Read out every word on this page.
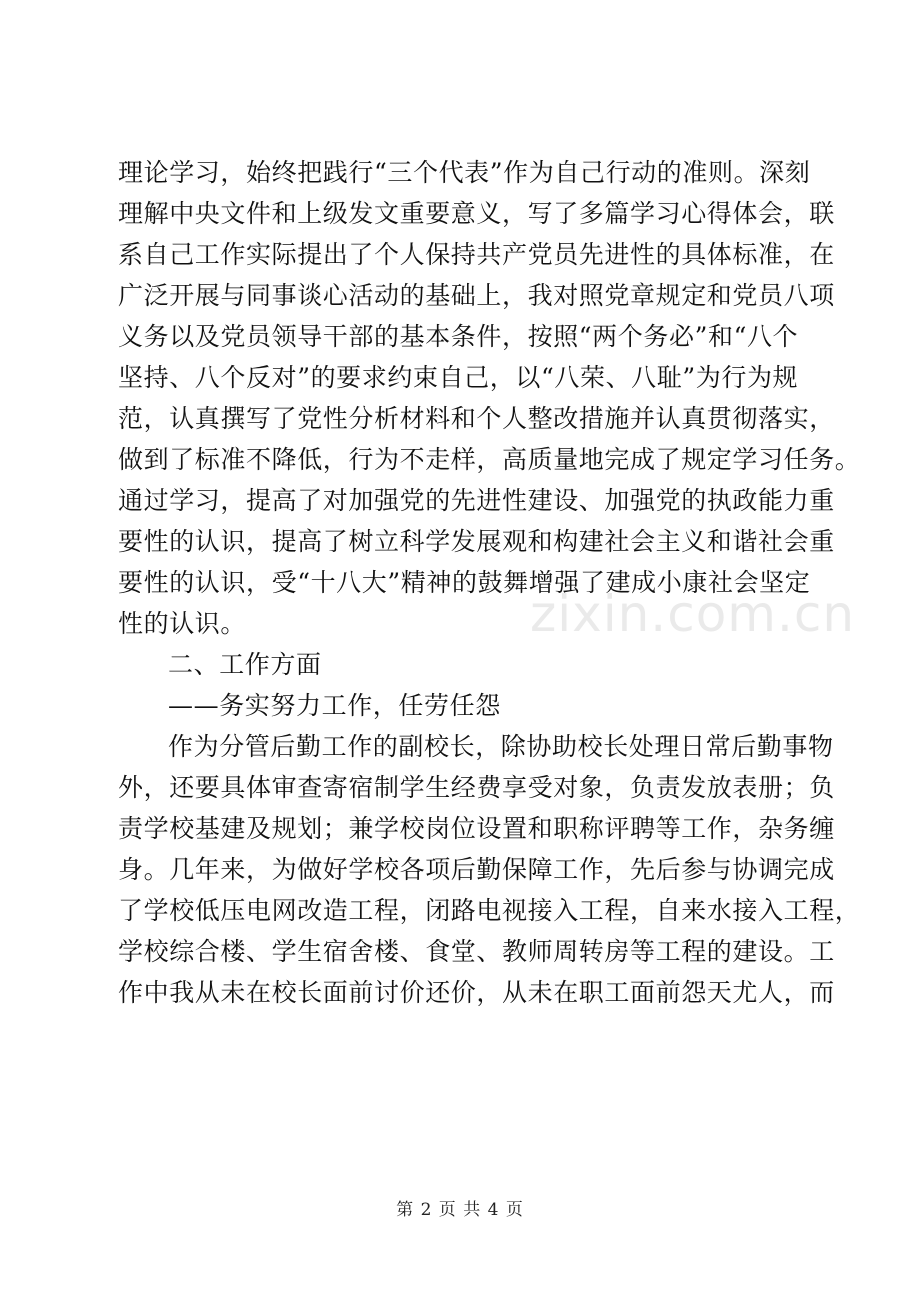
理论学习，始终把践行“三个代表”作为自己行动的准则。深刻
理解中央文件和上级发文重要意义，写了多篇学习心得体会，联
系自己工作实际提出了个人保持共产党员先进性的具体标准，在
广泛开展与同事谈心活动的基础上，我对照党章规定和党员八项
义务以及党员领导干部的基本条件，按照“两个务必”和“八个
坚持、八个反对”的要求约束自己，以“八荣、八耻”为行为规
范，认真撰写了党性分析材料和个人整改措施并认真贯彻落实，
做到了标准不降低，行为不走样，高质量地完成了规定学习任务。
通过学习，提高了对加强党的先进性建设、加强党的执政能力重
要性的认识，提高了树立科学发展观和构建社会主义和谐社会重
要性的认识，受“十八大”精神的鼓舞增强了建成小康社会坚定
性的认识。
二、工作方面
——务实努力工作，任劳任怨
作为分管后勤工作的副校长，除协助校长处理日常后勤事物
外，还要具体审查寄宿制学生经费享受对象，负责发放表册；负
责学校基建及规划；兼学校岗位设置和职称评聘等工作，杂务缠
身。几年来，为做好学校各项后勤保障工作，先后参与协调完成
了学校低压电网改造工程，闭路电视接入工程，自来水接入工程，
学校综合楼、学生宿舍楼、食堂、教师周转房等工程的建设。工
作中我从未在校长面前讨价还价，从未在职工面前怨天尤人，而
zixin.com.cn
第 2 页 共 4 页
